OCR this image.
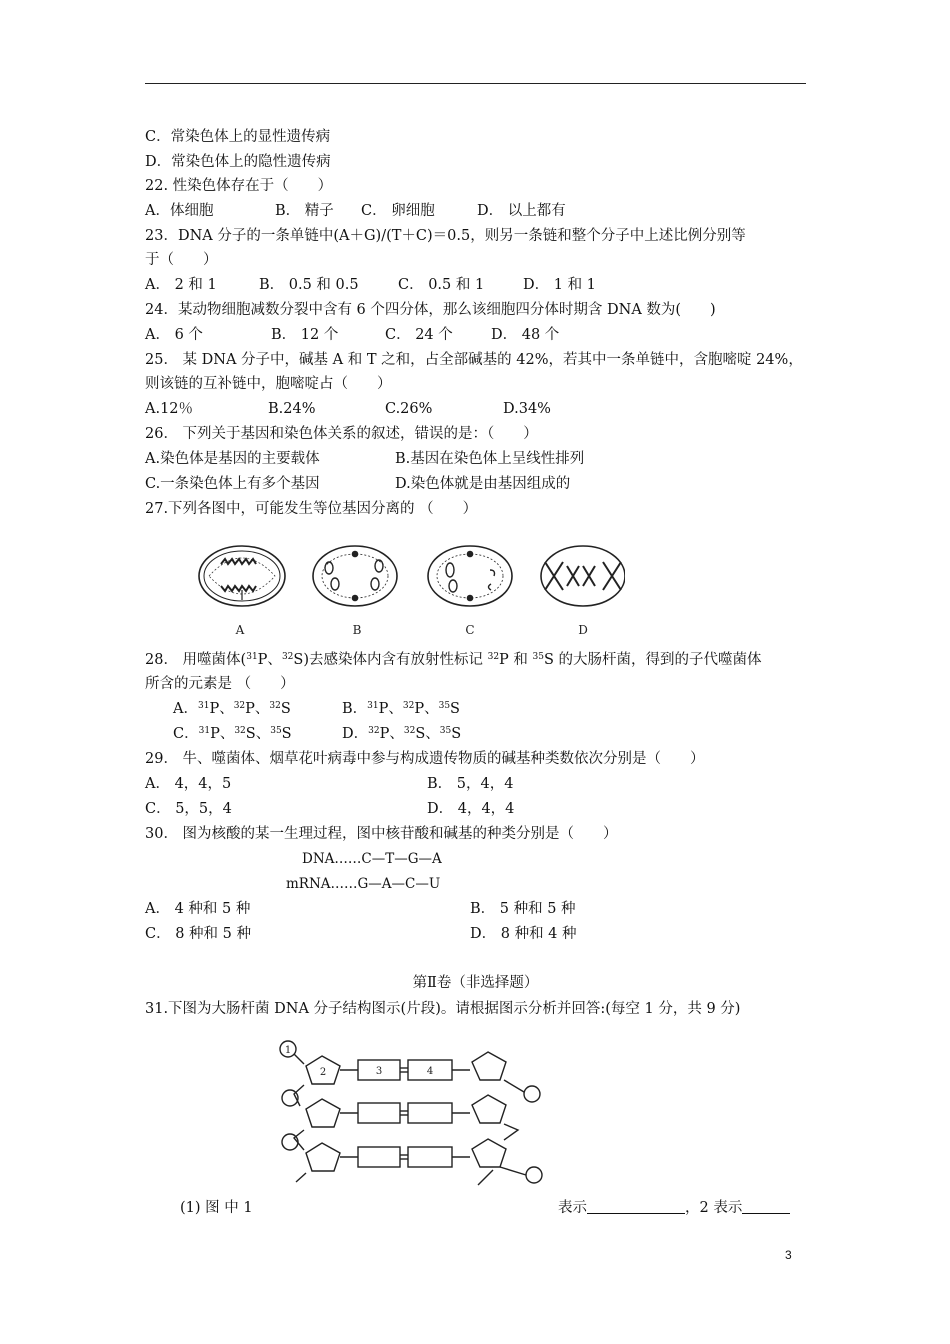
C．常染色体上的显性遗传病
D．常染色体上的隐性遗传病
22. 性染色体存在于（　　）
A．体细胞	B． 精子 C． 卵细胞	D． 以上都有
23．DNA 分子的一条单链中(A＋G)/(T＋C)＝0.5，则另一条链和整个分子中上述比例分别等
于（　　）
A． 2 和 1	B． 0.5 和 0.5	C． 0.5 和 1	D． 1 和 1
24．某动物细胞减数分裂中含有 6 个四分体，那么该细胞四分体时期含 DNA 数为(　　)
A． 6 个	B． 12 个	C． 24 个	D． 48 个
25． 某 DNA 分子中，碱基 A 和 T 之和，占全部碱基的 42%，若其中一条单链中，含胞嘧啶 24%，
则该链的互补链中，胞嘧啶占（　　）
A.12％	B.24%	C.26%	D.34%
26． 下列关于基因和染色体关系的叙述，错误的是：（　　）
A.染色体是基因的主要载体	B.基因在染色体上呈线性排列
C.一条染色体上有多个基因	D.染色体就是由基因组成的
27.下列各图中，可能发生等位基因分离的 （　　）
A	B	C	D
28． 用噬菌体($^{31}$P、$^{32}$S)去感染体内含有放射性标记 $^{32}$P 和 $^{35}$S 的大肠杆菌，得到的子代噬菌体
所含的元素是 （　　）
A．$^{31}$P、$^{32}$P、$^{32}$S	B．$^{31}$P、$^{32}$P、$^{35}$S
C．$^{31}$P、$^{32}$S、$^{35}$S	D．$^{32}$P、$^{32}$S、$^{35}$S
29． 牛、噬菌体、烟草花叶病毒中参与构成遗传物质的碱基种类数依次分别是（　　）
A． 4，4，5	B． 5，4，4
C． 5，5，4	D． 4，4，4
30． 图为核酸的某一生理过程，图中核苷酸和碱基的种类分别是（　　）
DNA……C—T—G—A
mRNA……G—A—C—U
A． 4 种和 5 种	B． 5 种和 5 种
C． 8 种和 5 种	D． 8 种和 4 种
第Ⅱ卷（非选择题）
31.下图为大肠杆菌 DNA 分子结构图示(片段)。请根据图示分析并回答:(每空 1 分，共 9 分)
1
2	3	4
(1) 图 中 1	表示	，2 表示
3
